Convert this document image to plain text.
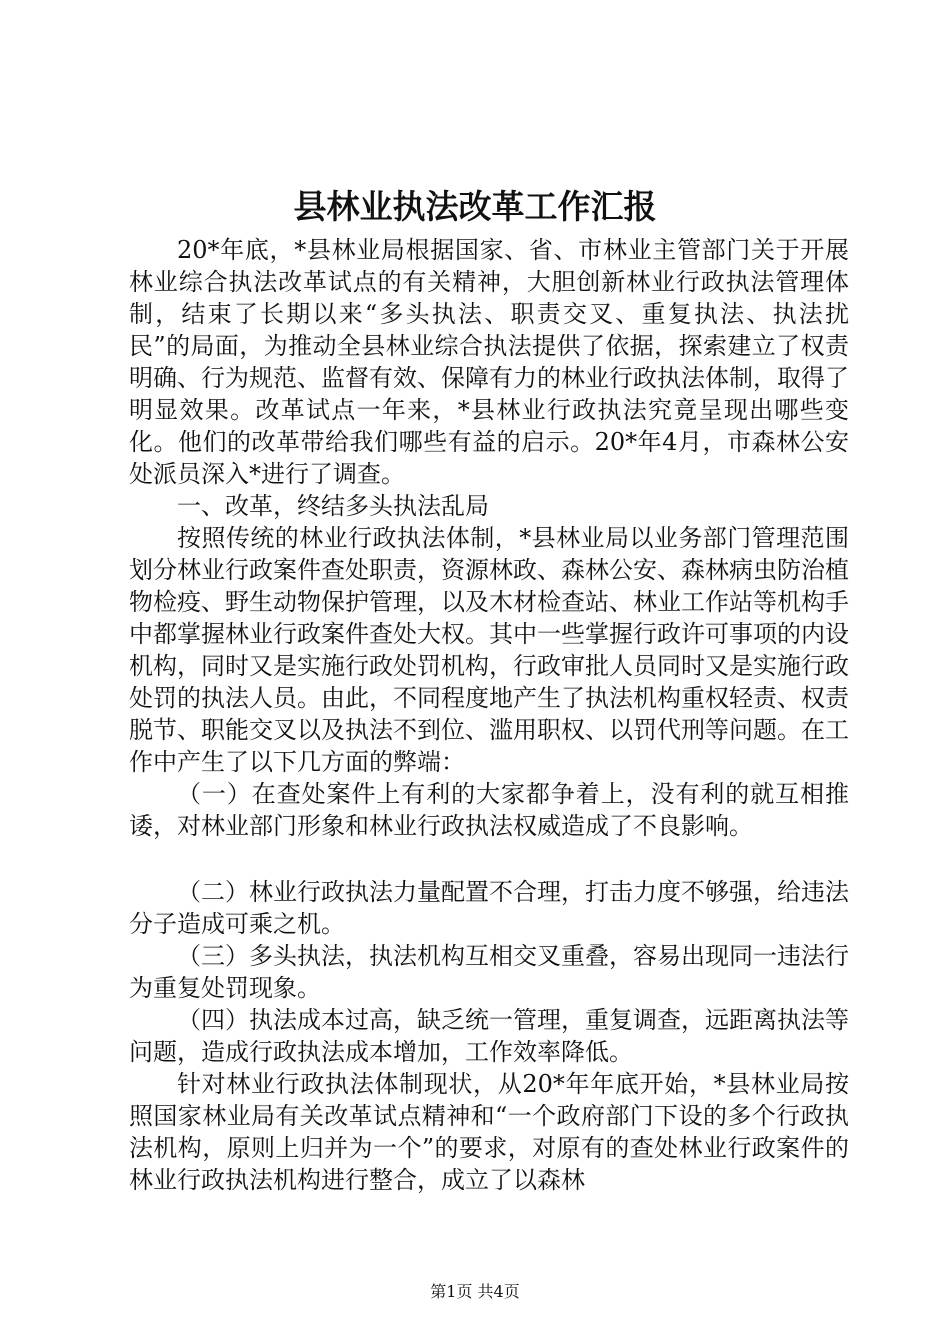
县林业执法改革工作汇报

20*年底，*县林业局根据国家、省、市林业主管部门关于开展林业综合执法改革试点的有关精神，大胆创新林业行政执法管理体制，结束了长期以来“多头执法、职责交叉、重复执法、执法扰民”的局面，为推动全县林业综合执法提供了依据，探索建立了权责明确、行为规范、监督有效、保障有力的林业行政执法体制，取得了明显效果。改革试点一年来，*县林业行政执法究竟呈现出哪些变化。他们的改革带给我们哪些有益的启示。20*年4月，市森林公安处派员深入*进行了调查。

一、改革，终结多头执法乱局

按照传统的林业行政执法体制，*县林业局以业务部门管理范围划分林业行政案件查处职责，资源林政、森林公安、森林病虫防治植物检疫、野生动物保护管理，以及木材检查站、林业工作站等机构手中都掌握林业行政案件查处大权。其中一些掌握行政许可事项的内设机构，同时又是实施行政处罚机构，行政审批人员同时又是实施行政处罚的执法人员。由此，不同程度地产生了执法机构重权轻责、权责脱节、职能交叉以及执法不到位、滥用职权、以罚代刑等问题。在工作中产生了以下几方面的弊端：

（一）在查处案件上有利的大家都争着上，没有利的就互相推诿，对林业部门形象和林业行政执法权威造成了不良影响。

（二）林业行政执法力量配置不合理，打击力度不够强，给违法分子造成可乘之机。

（三）多头执法，执法机构互相交叉重叠，容易出现同一违法行为重复处罚现象。

（四）执法成本过高，缺乏统一管理，重复调查，远距离执法等问题，造成行政执法成本增加，工作效率降低。

针对林业行政执法体制现状，从20*年年底开始，*县林业局按照国家林业局有关改革试点精神和“一个政府部门下设的多个行政执法机构，原则上归并为一个”的要求，对原有的查处林业行政案件的林业行政执法机构进行整合，成立了以森林

第1页 共4页
